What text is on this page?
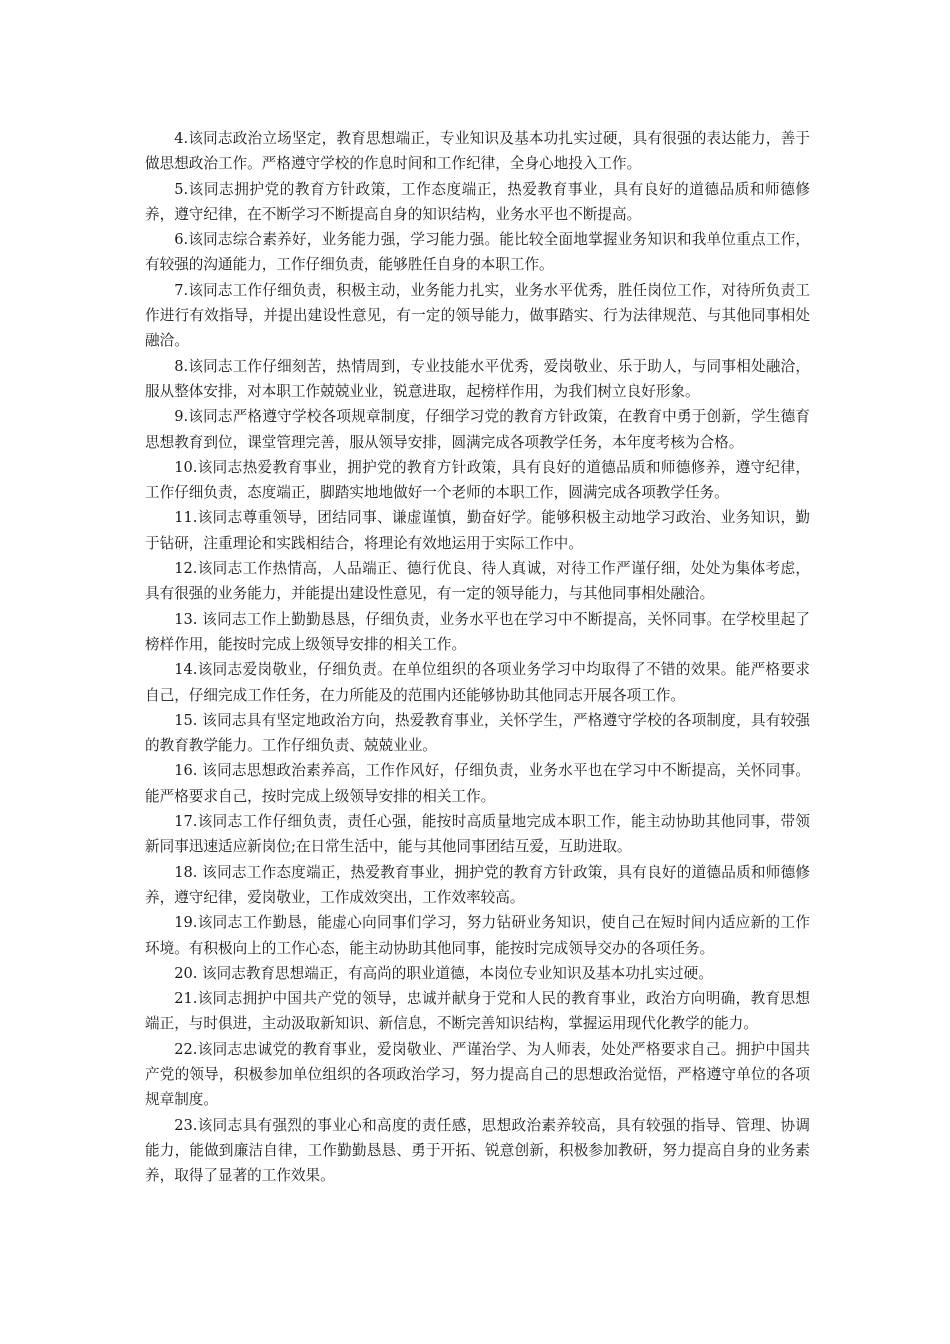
4.该同志政治立场坚定，教育思想端正，专业知识及基本功扎实过硬，具有很强的表达能力，善于做思想政治工作。严格遵守学校的作息时间和工作纪律，全身心地投入工作。

5.该同志拥护党的教育方针政策，工作态度端正，热爱教育事业，具有良好的道德品质和师德修养，遵守纪律，在不断学习不断提高自身的知识结构，业务水平也不断提高。

6.该同志综合素养好，业务能力强，学习能力强。能比较全面地掌握业务知识和我单位重点工作，有较强的沟通能力，工作仔细负责，能够胜任自身的本职工作。

7.该同志工作仔细负责，积极主动，业务能力扎实，业务水平优秀，胜任岗位工作，对待所负责工作进行有效指导，并提出建设性意见，有一定的领导能力，做事踏实、行为法律规范、与其他同事相处融洽。

8.该同志工作仔细刻苦，热情周到，专业技能水平优秀，爱岗敬业、乐于助人，与同事相处融洽，服从整体安排，对本职工作兢兢业业，锐意进取，起榜样作用，为我们树立良好形象。

9.该同志严格遵守学校各项规章制度，仔细学习党的教育方针政策，在教育中勇于创新，学生德育思想教育到位，课堂管理完善，服从领导安排，圆满完成各项教学任务，本年度考核为合格。

10.该同志热爱教育事业，拥护党的教育方针政策，具有良好的道德品质和师德修养，遵守纪律，工作仔细负责，态度端正，脚踏实地地做好一个老师的本职工作，圆满完成各项教学任务。

11.该同志尊重领导，团结同事、谦虚谨慎，勤奋好学。能够积极主动地学习政治、业务知识，勤于钻研，注重理论和实践相结合，将理论有效地运用于实际工作中。

12.该同志工作热情高，人品端正、德行优良、待人真诚，对待工作严谨仔细，处处为集体考虑，具有很强的业务能力，并能提出建设性意见，有一定的领导能力，与其他同事相处融洽。

13. 该同志工作上勤勤恳恳，仔细负责，业务水平也在学习中不断提高，关怀同事。在学校里起了榜样作用，能按时完成上级领导安排的相关工作。

14.该同志爱岗敬业，仔细负责。在单位组织的各项业务学习中均取得了不错的效果。能严格要求自己，仔细完成工作任务，在力所能及的范围内还能够协助其他同志开展各项工作。

15. 该同志具有坚定地政治方向，热爱教育事业，关怀学生，严格遵守学校的各项制度，具有较强的教育教学能力。工作仔细负责、兢兢业业。

16. 该同志思想政治素养高，工作作风好，仔细负责，业务水平也在学习中不断提高，关怀同事。能严格要求自己，按时完成上级领导安排的相关工作。

17.该同志工作仔细负责，责任心强，能按时高质量地完成本职工作，能主动协助其他同事，带领新同事迅速适应新岗位;在日常生活中，能与其他同事团结互爱，互助进取。

18. 该同志工作态度端正，热爱教育事业，拥护党的教育方针政策，具有良好的道德品质和师德修养，遵守纪律，爱岗敬业，工作成效突出，工作效率较高。

19.该同志工作勤恳，能虚心向同事们学习，努力钻研业务知识，使自己在短时间内适应新的工作环境。有积极向上的工作心态，能主动协助其他同事，能按时完成领导交办的各项任务。

20. 该同志教育思想端正，有高尚的职业道德，本岗位专业知识及基本功扎实过硬。

21.该同志拥护中国共产党的领导，忠诚并献身于党和人民的教育事业，政治方向明确，教育思想端正，与时俱进，主动汲取新知识、新信息，不断完善知识结构，掌握运用现代化教学的能力。

22.该同志忠诚党的教育事业，爱岗敬业、严谨治学、为人师表，处处严格要求自己。拥护中国共产党的领导，积极参加单位组织的各项政治学习，努力提高自己的思想政治觉悟，严格遵守单位的各项规章制度。

23.该同志具有强烈的事业心和高度的责任感，思想政治素养较高，具有较强的指导、管理、协调能力，能做到廉洁自律，工作勤勤恳恳、勇于开拓、锐意创新，积极参加教研，努力提高自身的业务素养，取得了显著的工作效果。
